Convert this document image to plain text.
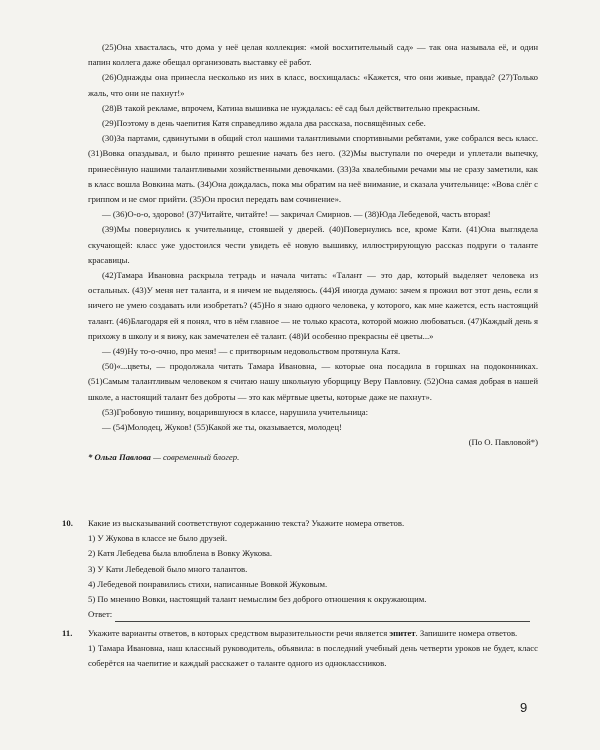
(25)Она хвасталась, что дома у неё целая коллекция: «мой восхитительный сад» — так она называла её, и один папин коллега даже обещал организовать выставку её работ.

(26)Однажды она принесла несколько из них в класс, восхищалась: «Кажется, что они живые, правда? (27)Только жаль, что они не пахнут!»

(28)В такой рекламе, впрочем, Катина вышивка не нуждалась: её сад был действительно прекрасным.

(29)Поэтому в день чаепития Катя справедливо ждала два рассказа, посвящённых себе.

(30)За партами, сдвинутыми в общий стол нашими талантливыми спортивными ребятами, уже собрался весь класс. (31)Вовка опаздывал, и было принято решение начать без него. (32)Мы выступали по очереди и уплетали выпечку, принесённую нашими талантливыми хозяйственными девочками. (33)За хвалебными речами мы не сразу заметили, как в класс вошла Вовкина мать. (34)Она дождалась, пока мы обратим на неё внимание, и сказала учительнице: «Вова слёг с гриппом и не смог прийти. (35)Он просил передать вам сочинение».

— (36)О-о-о, здорово! (37)Читайте, читайте! — закричал Смирнов. — (38)Юда Лебедевой, часть вторая!

(39)Мы повернулись к учительнице, стоявшей у дверей. (40)Повернулись все, кроме Кати. (41)Она выглядела скучающей: класс уже удостоился чести увидеть её новую вышивку, иллюстрирующую рассказ подруги о таланте красавицы.

(42)Тамара Ивановна раскрыла тетрадь и начала читать: «Талант — это дар, который выделяет человека из остальных. (43)У меня нет таланта, и я ничем не выделяюсь. (44)Я иногда думаю: зачем я прожил вот этот день, если я ничего не умею создавать или изобретать? (45)Но я знаю одного человека, у которого, как мне кажется, есть настоящий талант. (46)Благодаря ей я понял, что в нём главное — не только красота, которой можно любоваться. (47)Каждый день я прихожу в школу и я вижу, как замечателен её талант. (48)И особенно прекрасны её цветы...»

— (49)Ну то-о-очно, про меня! — с притворным недовольством протянула Катя.

(50)«...цветы, — продолжала читать Тамара Ивановна, — которые она посадила в горшках на подоконниках. (51)Самым талантливым человеком я считаю нашу школьную уборщицу Веру Павловну. (52)Она самая добрая в нашей школе, а настоящий талант без доброты — это как мёртвые цветы, которые даже не пахнут».

(53)Гробовую тишину, воцарившуюся в классе, нарушила учительница:

— (54)Молодец, Жуков! (55)Какой же ты, оказывается, молодец!

(По О. Павловой*)

* Ольга Павлова — современный блогер.

10.	Какие из высказываний соответствуют содержанию текста? Укажите номера ответов.

1) У Жукова в классе не было друзей.
2) Катя Лебедева была влюблена в Вовку Жукова.
3) У Кати Лебедевой было много талантов.
4) Лебедевой понравились стихи, написанные Вовкой Жуковым.
5) По мнению Вовки, настоящий талант немыслим без доброго отношения к окружающим.
Ответ:
11.	Укажите варианты ответов, в которых средством выразительности речи является эпитет. Запишите номера ответов.

1) Тамара Ивановна, наш классный руководитель, объявила: в последний учебный день четверти уроков не будет, класс соберётся на чаепитие и каждый расскажет о таланте одного из одноклассников.
9
